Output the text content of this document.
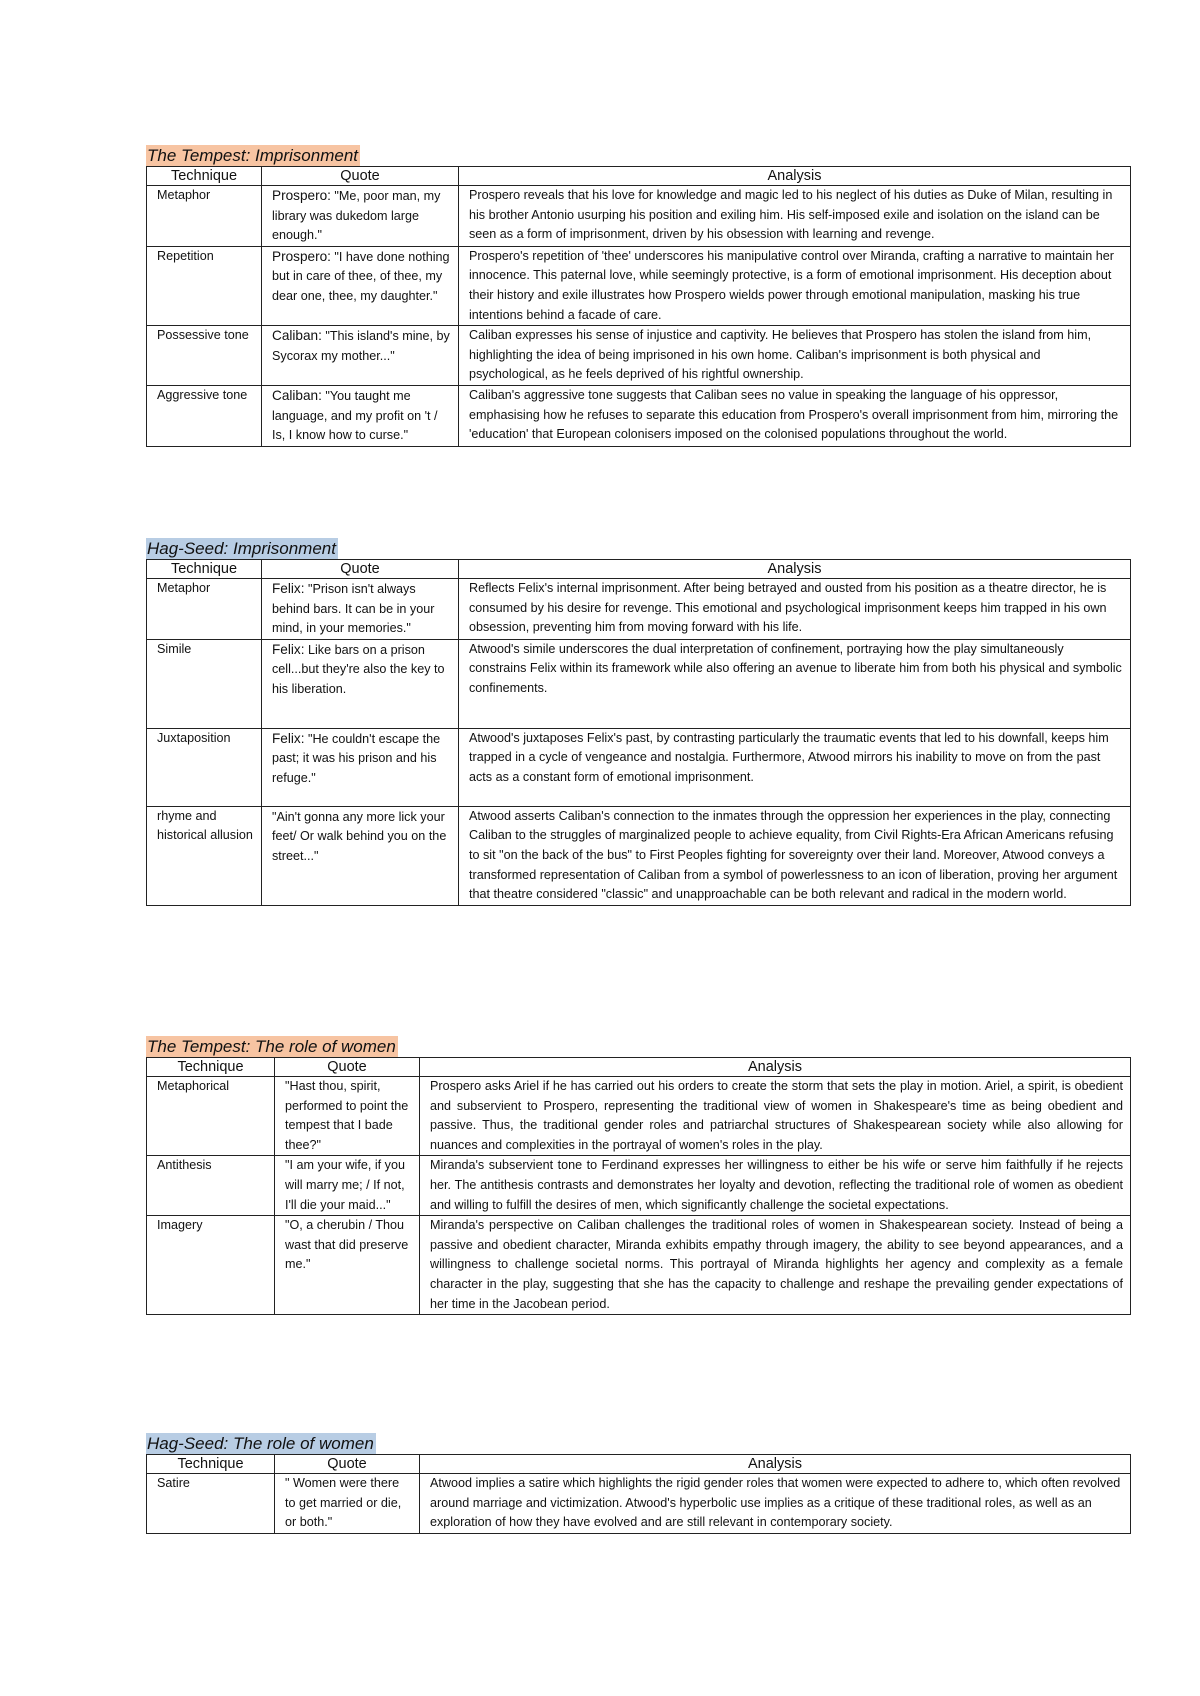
The Tempest: Imprisonment
Technique	Quote	Analysis
Metaphor	Prospero: "Me, poor man, my library was dukedom large enough."	Prospero reveals that his love for knowledge and magic led to his neglect of his duties as Duke of Milan, resulting in his brother Antonio usurping his position and exiling him. His self-imposed exile and isolation on the island can be seen as a form of imprisonment, driven by his obsession with learning and revenge.
Repetition	Prospero: "I have done nothing but in care of thee, of thee, my dear one, thee, my daughter."	Prospero's repetition of 'thee' underscores his manipulative control over Miranda, crafting a narrative to maintain her innocence. This paternal love, while seemingly protective, is a form of emotional imprisonment. His deception about their history and exile illustrates how Prospero wields power through emotional manipulation, masking his true intentions behind a facade of care.
Possessive tone	Caliban: "This island's mine, by Sycorax my mother..."	Caliban expresses his sense of injustice and captivity. He believes that Prospero has stolen the island from him, highlighting the idea of being imprisoned in his own home. Caliban's imprisonment is both physical and psychological, as he feels deprived of his rightful ownership.
Aggressive tone	Caliban: "You taught me language, and my profit on 't / Is, I know how to curse."	Caliban's aggressive tone suggests that Caliban sees no value in speaking the language of his oppressor, emphasising how he refuses to separate this education from Prospero's overall imprisonment from him, mirroring the 'education' that European colonisers imposed on the colonised populations throughout the world.
Hag-Seed: Imprisonment
Technique	Quote	Analysis
Metaphor	Felix: "Prison isn't always behind bars. It can be in your mind, in your memories."	Reflects Felix's internal imprisonment. After being betrayed and ousted from his position as a theatre director, he is consumed by his desire for revenge. This emotional and psychological imprisonment keeps him trapped in his own obsession, preventing him from moving forward with his life.
Simile	Felix: Like bars on a prison cell...but they're also the key to his liberation.	Atwood's simile underscores the dual interpretation of confinement, portraying how the play simultaneously constrains Felix within its framework while also offering an avenue to liberate him from both his physical and symbolic confinements.
Juxtaposition	Felix: "He couldn't escape the past; it was his prison and his refuge."	Atwood's juxtaposes Felix's past, by contrasting particularly the traumatic events that led to his downfall, keeps him trapped in a cycle of vengeance and nostalgia. Furthermore, Atwood mirrors his inability to move on from the past acts as a constant form of emotional imprisonment.
rhyme and historical allusion	"Ain't gonna any more lick your feet/ Or walk behind you on the street..."	Atwood asserts Caliban's connection to the inmates through the oppression her experiences in the play, connecting Caliban to the struggles of marginalized people to achieve equality, from Civil Rights-Era African Americans refusing to sit "on the back of the bus" to First Peoples fighting for sovereignty over their land. Moreover, Atwood conveys a transformed representation of Caliban from a symbol of powerlessness to an icon of liberation, proving her argument that theatre considered "classic" and unapproachable can be both relevant and radical in the modern world.
The Tempest: The role of women
Technique	Quote	Analysis
Metaphorical	"Hast thou, spirit, performed to point the tempest that I bade thee?"	Prospero asks Ariel if he has carried out his orders to create the storm that sets the play in motion. Ariel, a spirit, is obedient and subservient to Prospero, representing the traditional view of women in Shakespeare's time as being obedient and passive. Thus, the traditional gender roles and patriarchal structures of Shakespearean society while also allowing for nuances and complexities in the portrayal of women's roles in the play.
Antithesis	"I am your wife, if you will marry me; / If not, I'll die your maid..."	Miranda's subservient tone to Ferdinand expresses her willingness to either be his wife or serve him faithfully if he rejects her. The antithesis contrasts and demonstrates her loyalty and devotion, reflecting the traditional role of women as obedient and willing to fulfill the desires of men, which significantly challenge the societal expectations.
Imagery	"O, a cherubin / Thou wast that did preserve me."	Miranda's perspective on Caliban challenges the traditional roles of women in Shakespearean society. Instead of being a passive and obedient character, Miranda exhibits empathy through imagery, the ability to see beyond appearances, and a willingness to challenge societal norms. This portrayal of Miranda highlights her agency and complexity as a female character in the play, suggesting that she has the capacity to challenge and reshape the prevailing gender expectations of her time in the Jacobean period.
Hag-Seed: The role of women
Technique	Quote	Analysis
Satire	" Women were there to get married or die, or both."	Atwood implies a satire which highlights the rigid gender roles that women were expected to adhere to, which often revolved around marriage and victimization. Atwood's hyperbolic use implies as a critique of these traditional roles, as well as an exploration of how they have evolved and are still relevant in contemporary society.
